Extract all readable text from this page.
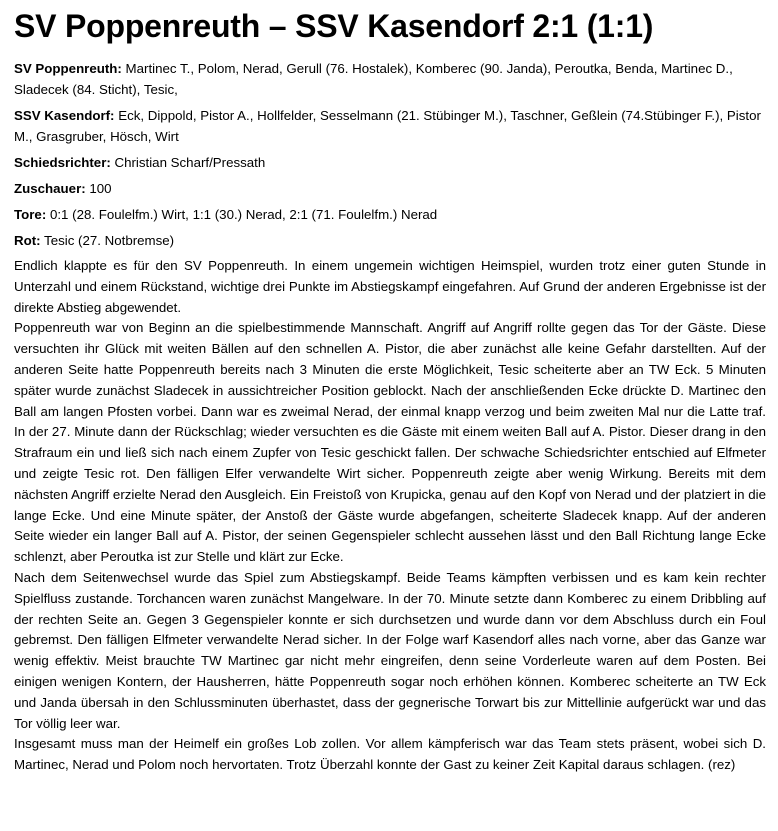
SV Poppenreuth – SSV Kasendorf 2:1 (1:1)

SV Poppenreuth: Martinec T., Polom, Nerad, Gerull (76. Hostalek), Komberec (90. Janda), Peroutka, Benda, Martinec D., Sladecek (84. Sticht), Tesic,

SSV Kasendorf: Eck, Dippold, Pistor A., Hollfelder, Sesselmann (21. Stübinger M.), Taschner, Geßlein (74.Stübinger F.), Pistor M., Grasgruber, Hösch, Wirt

Schiedsrichter: Christian Scharf/Pressath

Zuschauer: 100

Tore: 0:1 (28. Foulelfm.) Wirt, 1:1 (30.) Nerad, 2:1 (71. Foulelfm.) Nerad

Rot: Tesic (27. Notbremse)

Endlich klappte es für den SV Poppenreuth. In einem ungemein wichtigen Heimspiel, wurden trotz einer guten Stunde in Unterzahl und einem Rückstand, wichtige drei Punkte im Abstiegskampf eingefahren. Auf Grund der anderen Ergebnisse ist der direkte Abstieg abgewendet.

Poppenreuth war von Beginn an die spielbestimmende Mannschaft. Angriff auf Angriff rollte gegen das Tor der Gäste. Diese versuchten ihr Glück mit weiten Bällen auf den schnellen A. Pistor, die aber zunächst alle keine Gefahr darstellten. Auf der anderen Seite hatte Poppenreuth bereits nach 3 Minuten die erste Möglichkeit, Tesic scheiterte aber an TW Eck. 5 Minuten später wurde zunächst Sladecek in aussichtreicher Position geblockt. Nach der anschließenden Ecke drückte D. Martinec den Ball am langen Pfosten vorbei. Dann war es zweimal Nerad, der einmal knapp verzog und beim zweiten Mal nur die Latte traf. In der 27. Minute dann der Rückschlag; wieder versuchten es die Gäste mit einem weiten Ball auf A. Pistor. Dieser drang in den Strafraum ein und ließ sich nach einem Zupfer von Tesic geschickt fallen. Der schwache Schiedsrichter entschied auf Elfmeter und zeigte Tesic rot. Den fälligen Elfer verwandelte Wirt sicher. Poppenreuth zeigte aber wenig Wirkung. Bereits mit dem nächsten Angriff erzielte Nerad den Ausgleich. Ein Freistoß von Krupicka, genau auf den Kopf von Nerad und der platziert in die lange Ecke. Und eine Minute später, der Anstoß der Gäste wurde abgefangen, scheiterte Sladecek knapp. Auf der anderen Seite wieder ein langer Ball auf A. Pistor, der seinen Gegenspieler schlecht aussehen lässt und den Ball Richtung lange Ecke schlenzt, aber Peroutka ist zur Stelle und klärt zur Ecke.

Nach dem Seitenwechsel wurde das Spiel zum Abstiegskampf. Beide Teams kämpften verbissen und es kam kein rechter Spielfluss zustande. Torchancen waren zunächst Mangelware. In der 70. Minute setzte dann Komberec zu einem Dribbling auf der rechten Seite an. Gegen 3 Gegenspieler konnte er sich durchsetzen und wurde dann vor dem Abschluss durch ein Foul gebremst. Den fälligen Elfmeter verwandelte Nerad sicher. In der Folge warf Kasendorf alles nach vorne, aber das Ganze war wenig effektiv. Meist brauchte TW Martinec gar nicht mehr eingreifen, denn seine Vorderleute waren auf dem Posten. Bei einigen wenigen Kontern, der Hausherren, hätte Poppenreuth sogar noch erhöhen können. Komberec scheiterte an TW Eck und Janda übersah in den Schlussminuten überhastet, dass der gegnerische Torwart bis zur Mittellinie aufgerückt war und das Tor völlig leer war.

Insgesamt muss man der Heimelf ein großes Lob zollen. Vor allem kämpferisch war das Team stets präsent, wobei sich D. Martinec, Nerad und Polom noch hervortaten. Trotz Überzahl konnte der Gast zu keiner Zeit Kapital daraus schlagen. (rez)
